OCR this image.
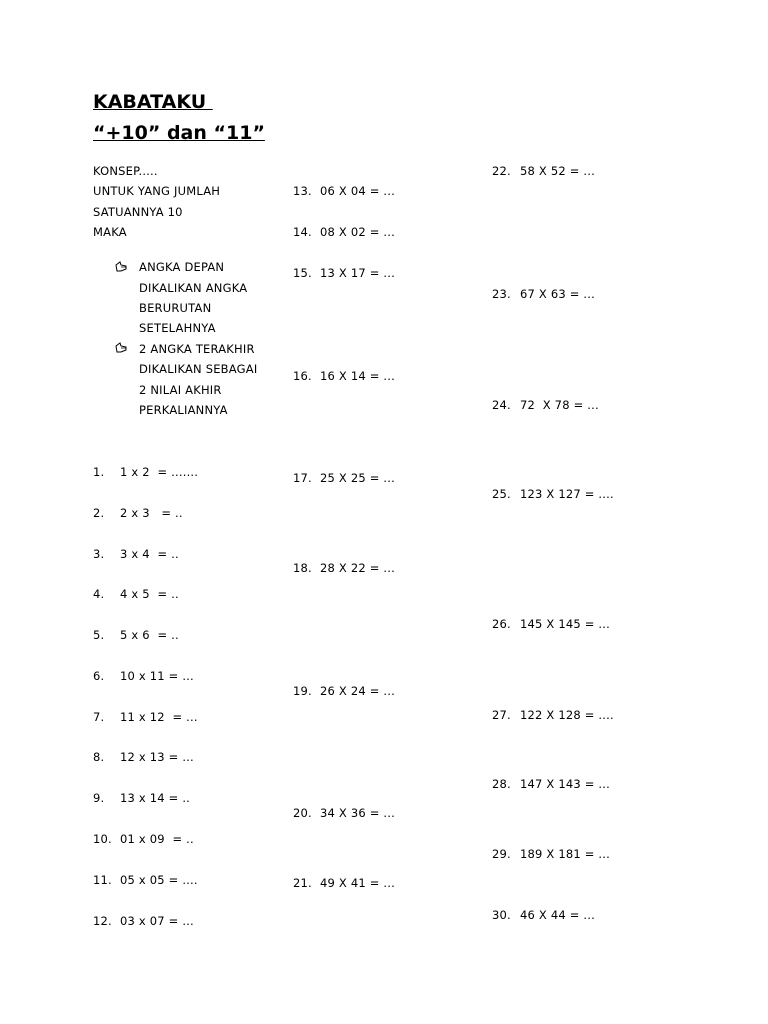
KABATAKU
“+10” dan “11”
KONSEP.....
UNTUK YANG JUMLAH
SATUANNYA 10
MAKA
ANGKA DEPAN
DIKALIKAN ANGKA
BERURUTAN
SETELAHNYA
2 ANGKA TERAKHIR
DIKALIKAN SEBAGAI
2 NILAI AKHIR
PERKALIANNYA
1. 1 x 2  = .......
2. 2 x 3   = ..
3. 3 x 4  = ..
4. 4 x 5  = ..
5. 5 x 6  = ..
6. 10 x 11 = ...
7. 11 x 12  = ...
8. 12 x 13 = ...
9. 13 x 14 = ..
10. 01 x 09  = ..
11. 05 x 05 = ....
12. 03 x 07 = ...
13. 06 X 04 = ...
14. 08 X 02 = ...
15. 13 X 17 = ...
16. 16 X 14 = ...
17. 25 X 25 = ...
18. 28 X 22 = ...
19. 26 X 24 = ...
20. 34 X 36 = ...
21. 49 X 41 = ...
22. 58 X 52 = ...
23. 67 X 63 = ...
24. 72  X 78 = ...
25. 123 X 127 = ....
26. 145 X 145 = ...
27. 122 X 128 = ....
28. 147 X 143 = ...
29. 189 X 181 = ...
30. 46 X 44 = ...
